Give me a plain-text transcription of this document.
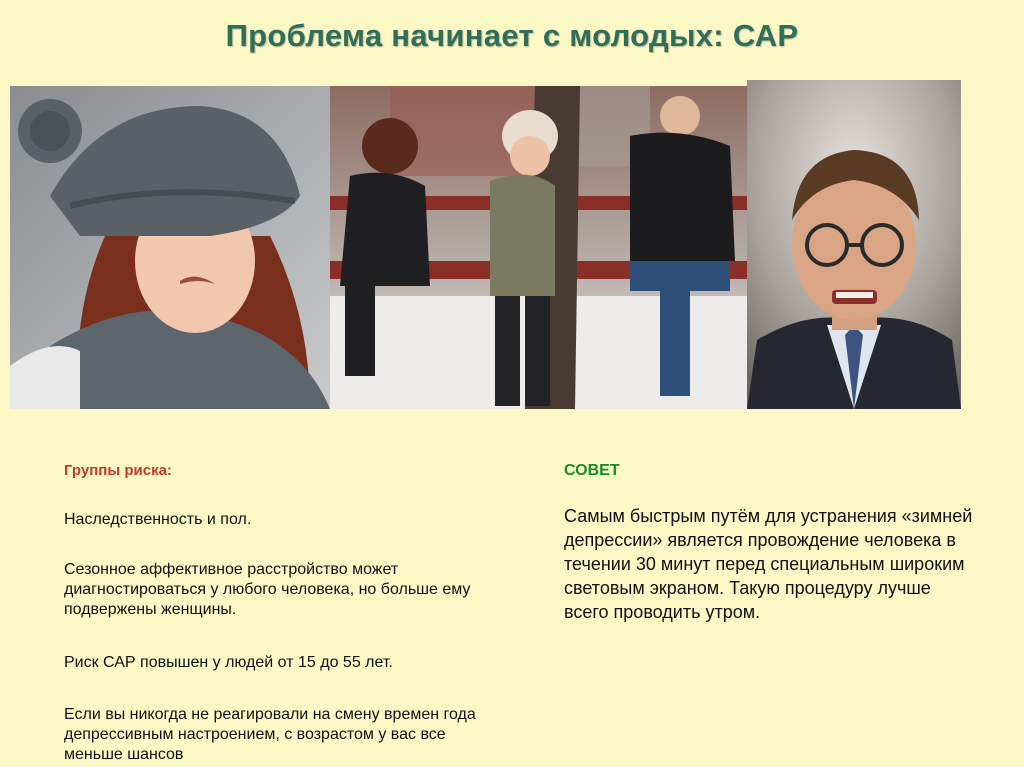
Проблема начинает с молодых: САР
Группы риска:
Наследственность и пол.
Сезонное аффективное расстройство может диагностироваться у любого человека, но больше ему подвержены женщины.
Риск САР повышен у людей от 15 до 55 лет.
Если вы никогда не реагировали на смену времен года депрессивным настроением, с возрастом у вас все меньше шансов
СОВЕТ
Самым быстрым путём для устранения «зимней депрессии» является провождение человека в течении 30 минут перед специальным широким световым экраном. Такую процедуру лучше всего проводить утром.
